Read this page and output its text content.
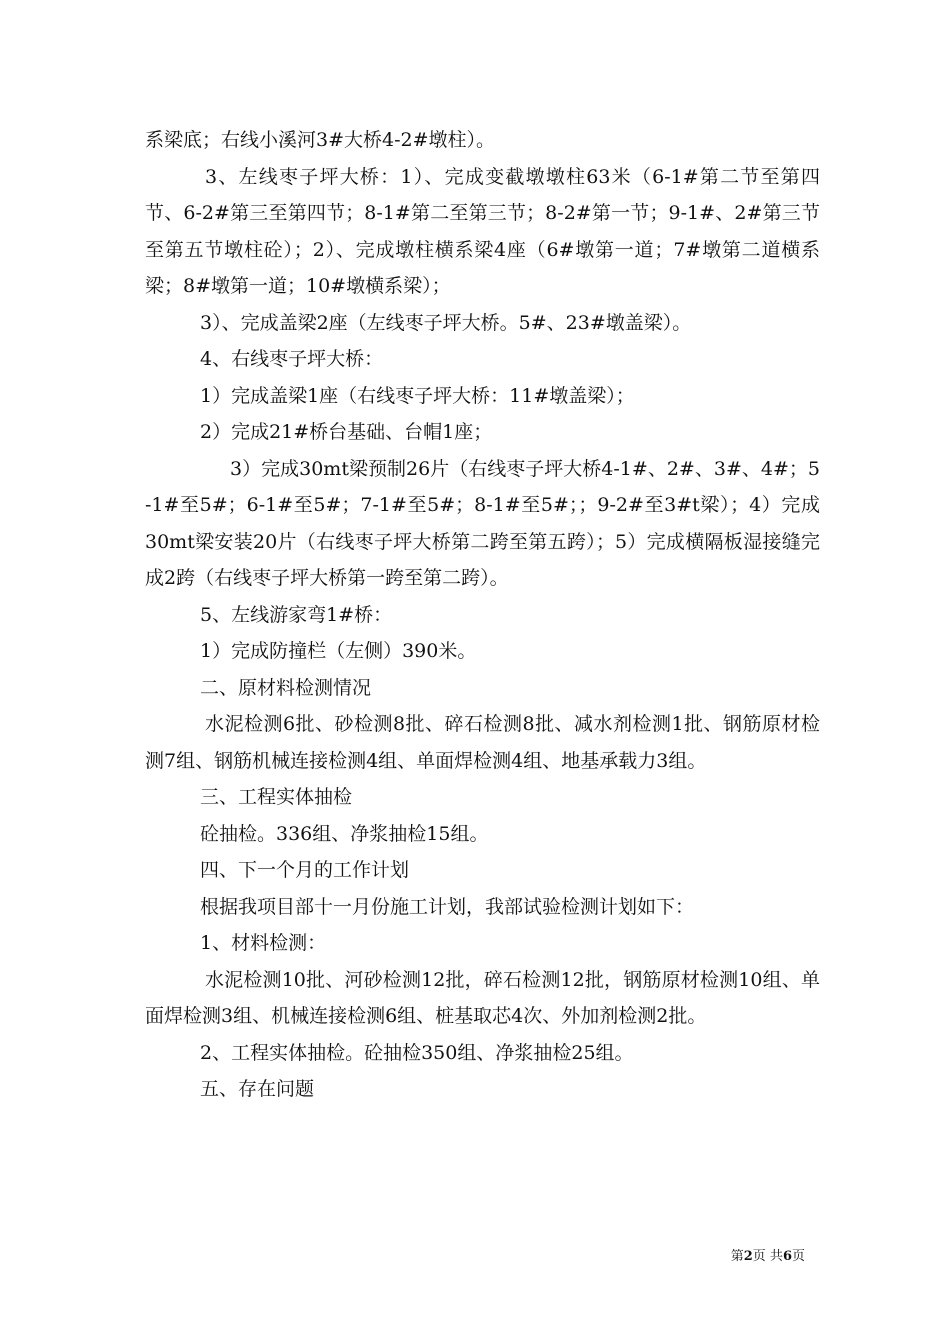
系梁底；右线小溪河3#大桥4-2#墩柱）。

3、左线枣子坪大桥：1）、完成变截墩墩柱63米（6-1#第二节至第四节、6-2#第三至第四节；8-1#第二至第三节；8-2#第一节；9-1#、2#第三节至第五节墩柱砼）；2）、完成墩柱横系梁4座（6#墩第一道；7#墩第二道横系梁；8#墩第一道；10#墩横系梁）；

3）、完成盖梁2座（左线枣子坪大桥。5#、23#墩盖梁）。

4、右线枣子坪大桥：

1）完成盖梁1座（右线枣子坪大桥：11#墩盖梁）；

2）完成21#桥台基础、台帽1座；

3）完成30mt梁预制26片（右线枣子坪大桥4-1#、2#、3#、4#；5-1#至5#；6-1#至5#；7-1#至5#；8-1#至5#；；9-2#至3#t梁）；4）完成30mt梁安装20片（右线枣子坪大桥第二跨至第五跨）；5）完成横隔板湿接缝完成2跨（右线枣子坪大桥第一跨至第二跨）。

5、左线游家弯1#桥：

1）完成防撞栏（左侧）390米。

二、原材料检测情况

水泥检测6批、砂检测8批、碎石检测8批、减水剂检测1批、钢筋原材检测7组、钢筋机械连接检测4组、单面焊检测4组、地基承载力3组。

三、工程实体抽检

砼抽检。336组、净浆抽检15组。

四、下一个月的工作计划

根据我项目部十一月份施工计划，我部试验检测计划如下：

1、材料检测：

水泥检测10批、河砂检测12批，碎石检测12批，钢筋原材检测10组、单面焊检测3组、机械连接检测6组、桩基取芯4次、外加剂检测2批。

2、工程实体抽检。砼抽检350组、净浆抽检25组。

五、存在问题

第2页 共6页
